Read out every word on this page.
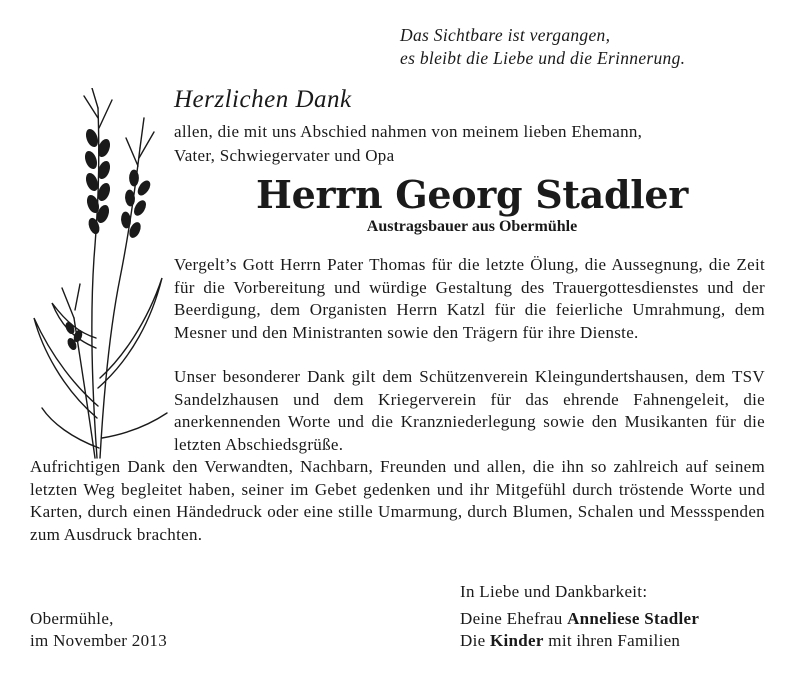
Das Sichtbare ist vergangen,
es bleibt die Liebe und die Erinnerung.
Herzlichen Dank
allen, die mit uns Abschied nahmen von meinem lieben Ehemann,
Vater, Schwiegervater und Opa
Herrn Georg Stadler
Austragsbauer aus Obermühle
Vergelt’s Gott Herrn Pater Thomas für die letzte Ölung, die Aussegnung, die Zeit für die Vorbereitung und würdige Gestaltung des Trauergottesdienstes und der Beerdigung, dem Organisten Herrn Katzl für die feierliche Umrahmung, dem Mesner und den Ministranten sowie den Trägern für ihre Dienste.
Unser besonderer Dank gilt dem Schützenverein Kleingundertshausen, dem TSV Sandelzhausen und dem Kriegerverein für das ehrende Fahnengeleit, die anerkennenden Worte und die Kranzniederlegung sowie den Musikanten für die letzten Abschiedsgrüße.
Aufrichtigen Dank den Verwandten, Nachbarn, Freunden und allen, die ihn so zahlreich auf seinem letzten Weg begleitet haben, seiner im Gebet gedenken und ihr Mitgefühl durch tröstende Worte und Karten, durch einen Händedruck oder eine stille Umarmung, durch Blumen, Schalen und Messspenden zum Ausdruck brachten.
In Liebe und Dankbarkeit:
Obermühle,
im November 2013
Deine Ehefrau Anneliese Stadler
Die Kinder mit ihren Familien
